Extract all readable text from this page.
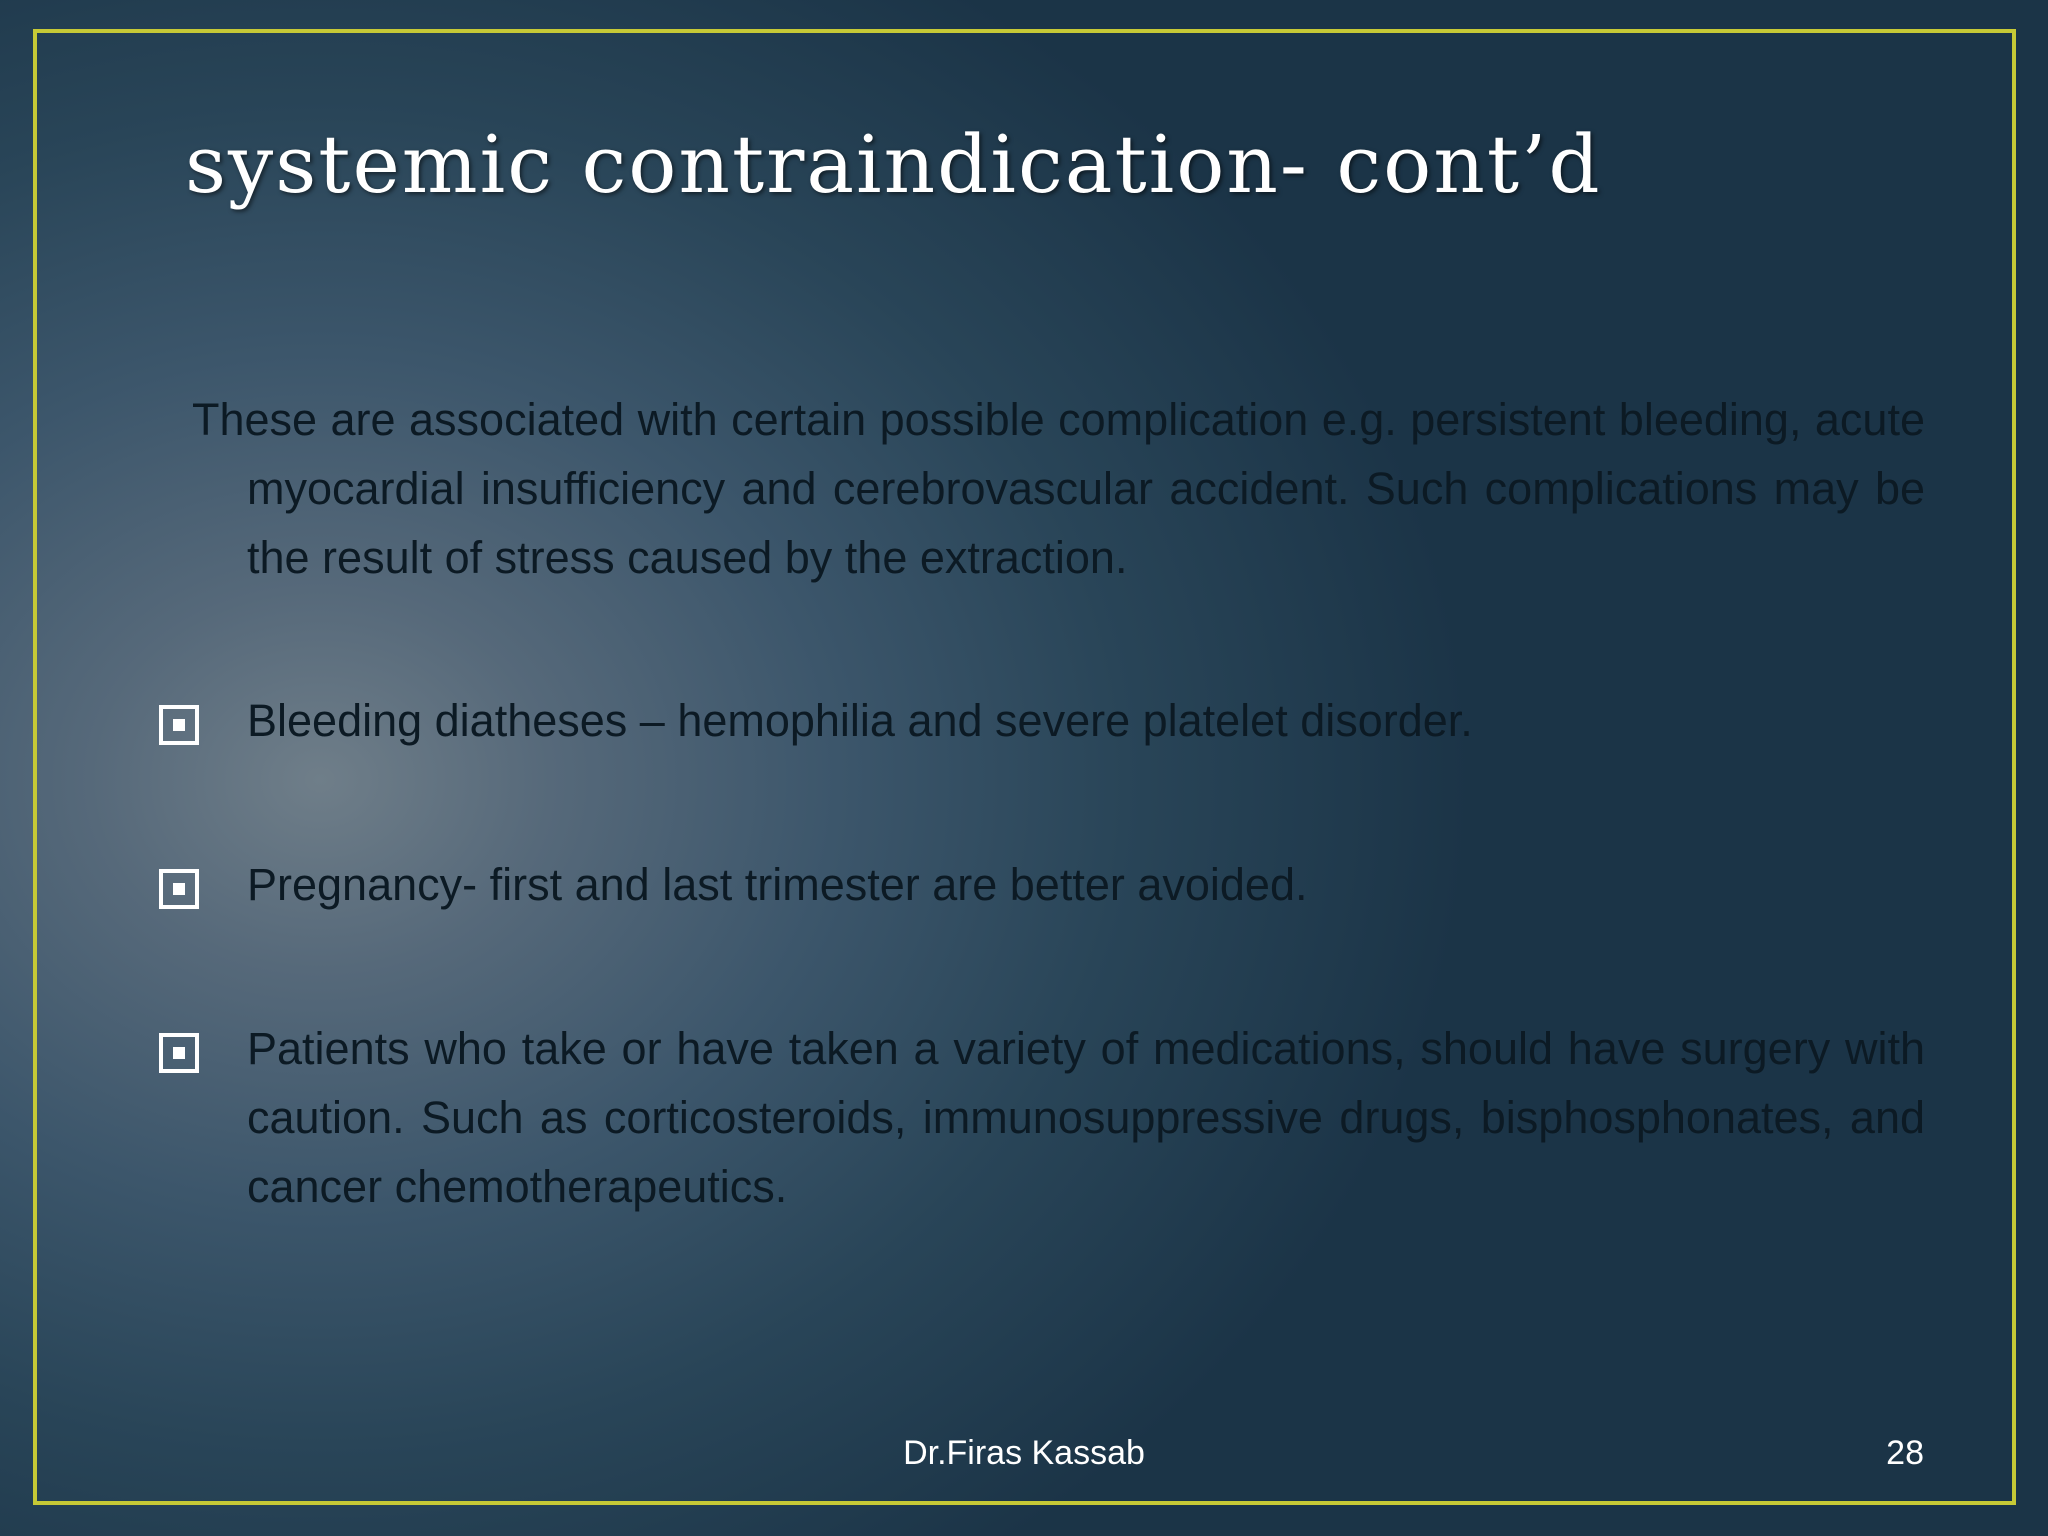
systemic contraindication- cont’d

These are associated with certain possible complication e.g. persistent bleeding, acute myocardial insufficiency and cerebrovascular accident. Such complications may be the result of stress caused by the extraction.

Bleeding diatheses – hemophilia and severe platelet disorder.
Pregnancy- first and last trimester are better avoided.
Patients who take or have taken a variety of medications, should have surgery with caution. Such as corticosteroids, immunosuppressive drugs, bisphosphonates, and cancer chemotherapeutics.
Dr.Firas Kassab	28
